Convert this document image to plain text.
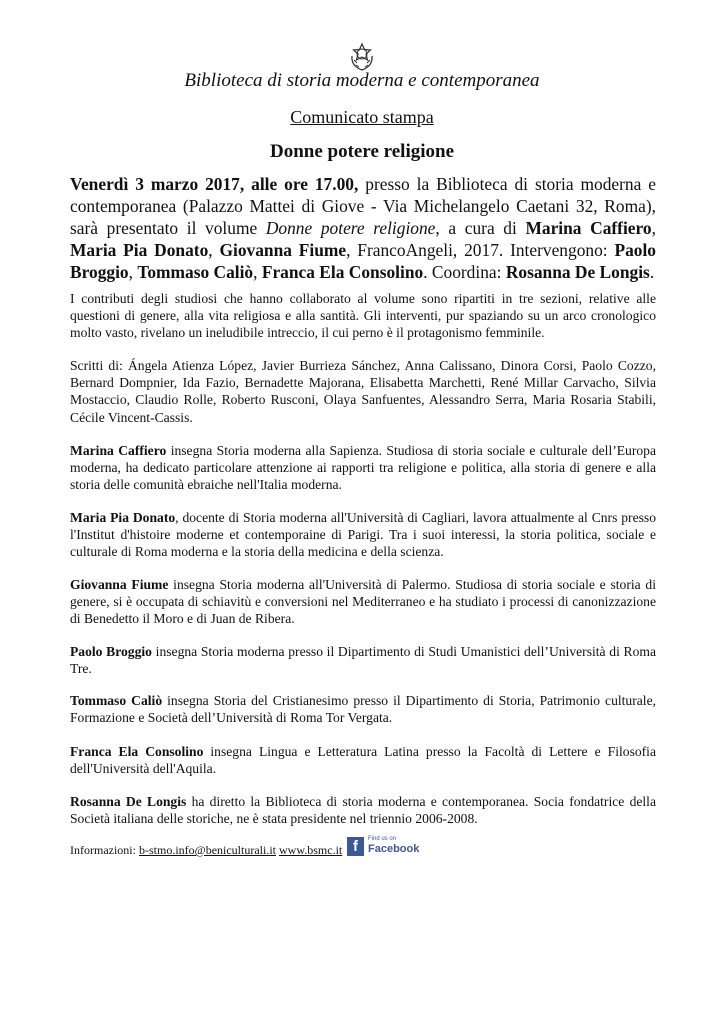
Biblioteca di storia moderna e contemporanea
Comunicato stampa
Donne potere religione

Venerdì 3 marzo 2017, alle ore 17.00, presso la Biblioteca di storia moderna e contemporanea (Palazzo Mattei di Giove - Via Michelangelo Caetani 32, Roma), sarà presentato il volume Donne potere religione, a cura di Marina Caffiero, Maria Pia Donato, Giovanna Fiume, FrancoAngeli, 2017. Intervengono: Paolo Broggio, Tommaso Caliò, Franca Ela Consolino. Coordina: Rosanna De Longis.

I contributi degli studiosi che hanno collaborato al volume sono ripartiti in tre sezioni, relative alle questioni di genere, alla vita religiosa e alla santità. Gli interventi, pur spaziando su un arco cronologico molto vasto, rivelano un ineludibile intreccio, il cui perno è il protagonismo femminile.

Scritti di: Ángela Atienza López, Javier Burrieza Sánchez, Anna Calissano, Dinora Corsi, Paolo Cozzo, Bernard Dompnier, Ida Fazio, Bernadette Majorana, Elisabetta Marchetti, René Millar Carvacho, Silvia Mostaccio, Claudio Rolle, Roberto Rusconi, Olaya Sanfuentes, Alessandro Serra, Maria Rosaria Stabili, Cécile Vincent-Cassis.

Marina Caffiero insegna Storia moderna alla Sapienza. Studiosa di storia sociale e culturale dell’Europa moderna, ha dedicato particolare attenzione ai rapporti tra religione e politica, alla storia di genere e alla storia delle comunità ebraiche nell'Italia moderna.

Maria Pia Donato, docente di Storia moderna all'Università di Cagliari, lavora attualmente al Cnrs presso l'Institut d'histoire moderne et contemporaine di Parigi. Tra i suoi interessi, la storia politica, sociale e culturale di Roma moderna e la storia della medicina e della scienza.

Giovanna Fiume insegna Storia moderna all'Università di Palermo. Studiosa di storia sociale e storia di genere, si è occupata di schiavitù e conversioni nel Mediterraneo e ha studiato i processi di canonizzazione di Benedetto il Moro e di Juan de Ribera.

Paolo Broggio insegna Storia moderna presso il Dipartimento di Studi Umanistici dell’Università di Roma Tre.

Tommaso Caliò insegna Storia del Cristianesimo presso il Dipartimento di Storia, Patrimonio culturale, Formazione e Società dell’Università di Roma Tor Vergata.

Franca Ela Consolino insegna Lingua e Letteratura Latina presso la Facoltà di Lettere e Filosofia dell'Università dell'Aquila.

Rosanna De Longis ha diretto la Biblioteca di storia moderna e contemporanea. Socia fondatrice della Società italiana delle storiche, ne è stata presidente nel triennio 2006-2008.

Informazioni: b-stmo.info@beniculturali.it www.bsmc.it f	Find us on
Facebook
